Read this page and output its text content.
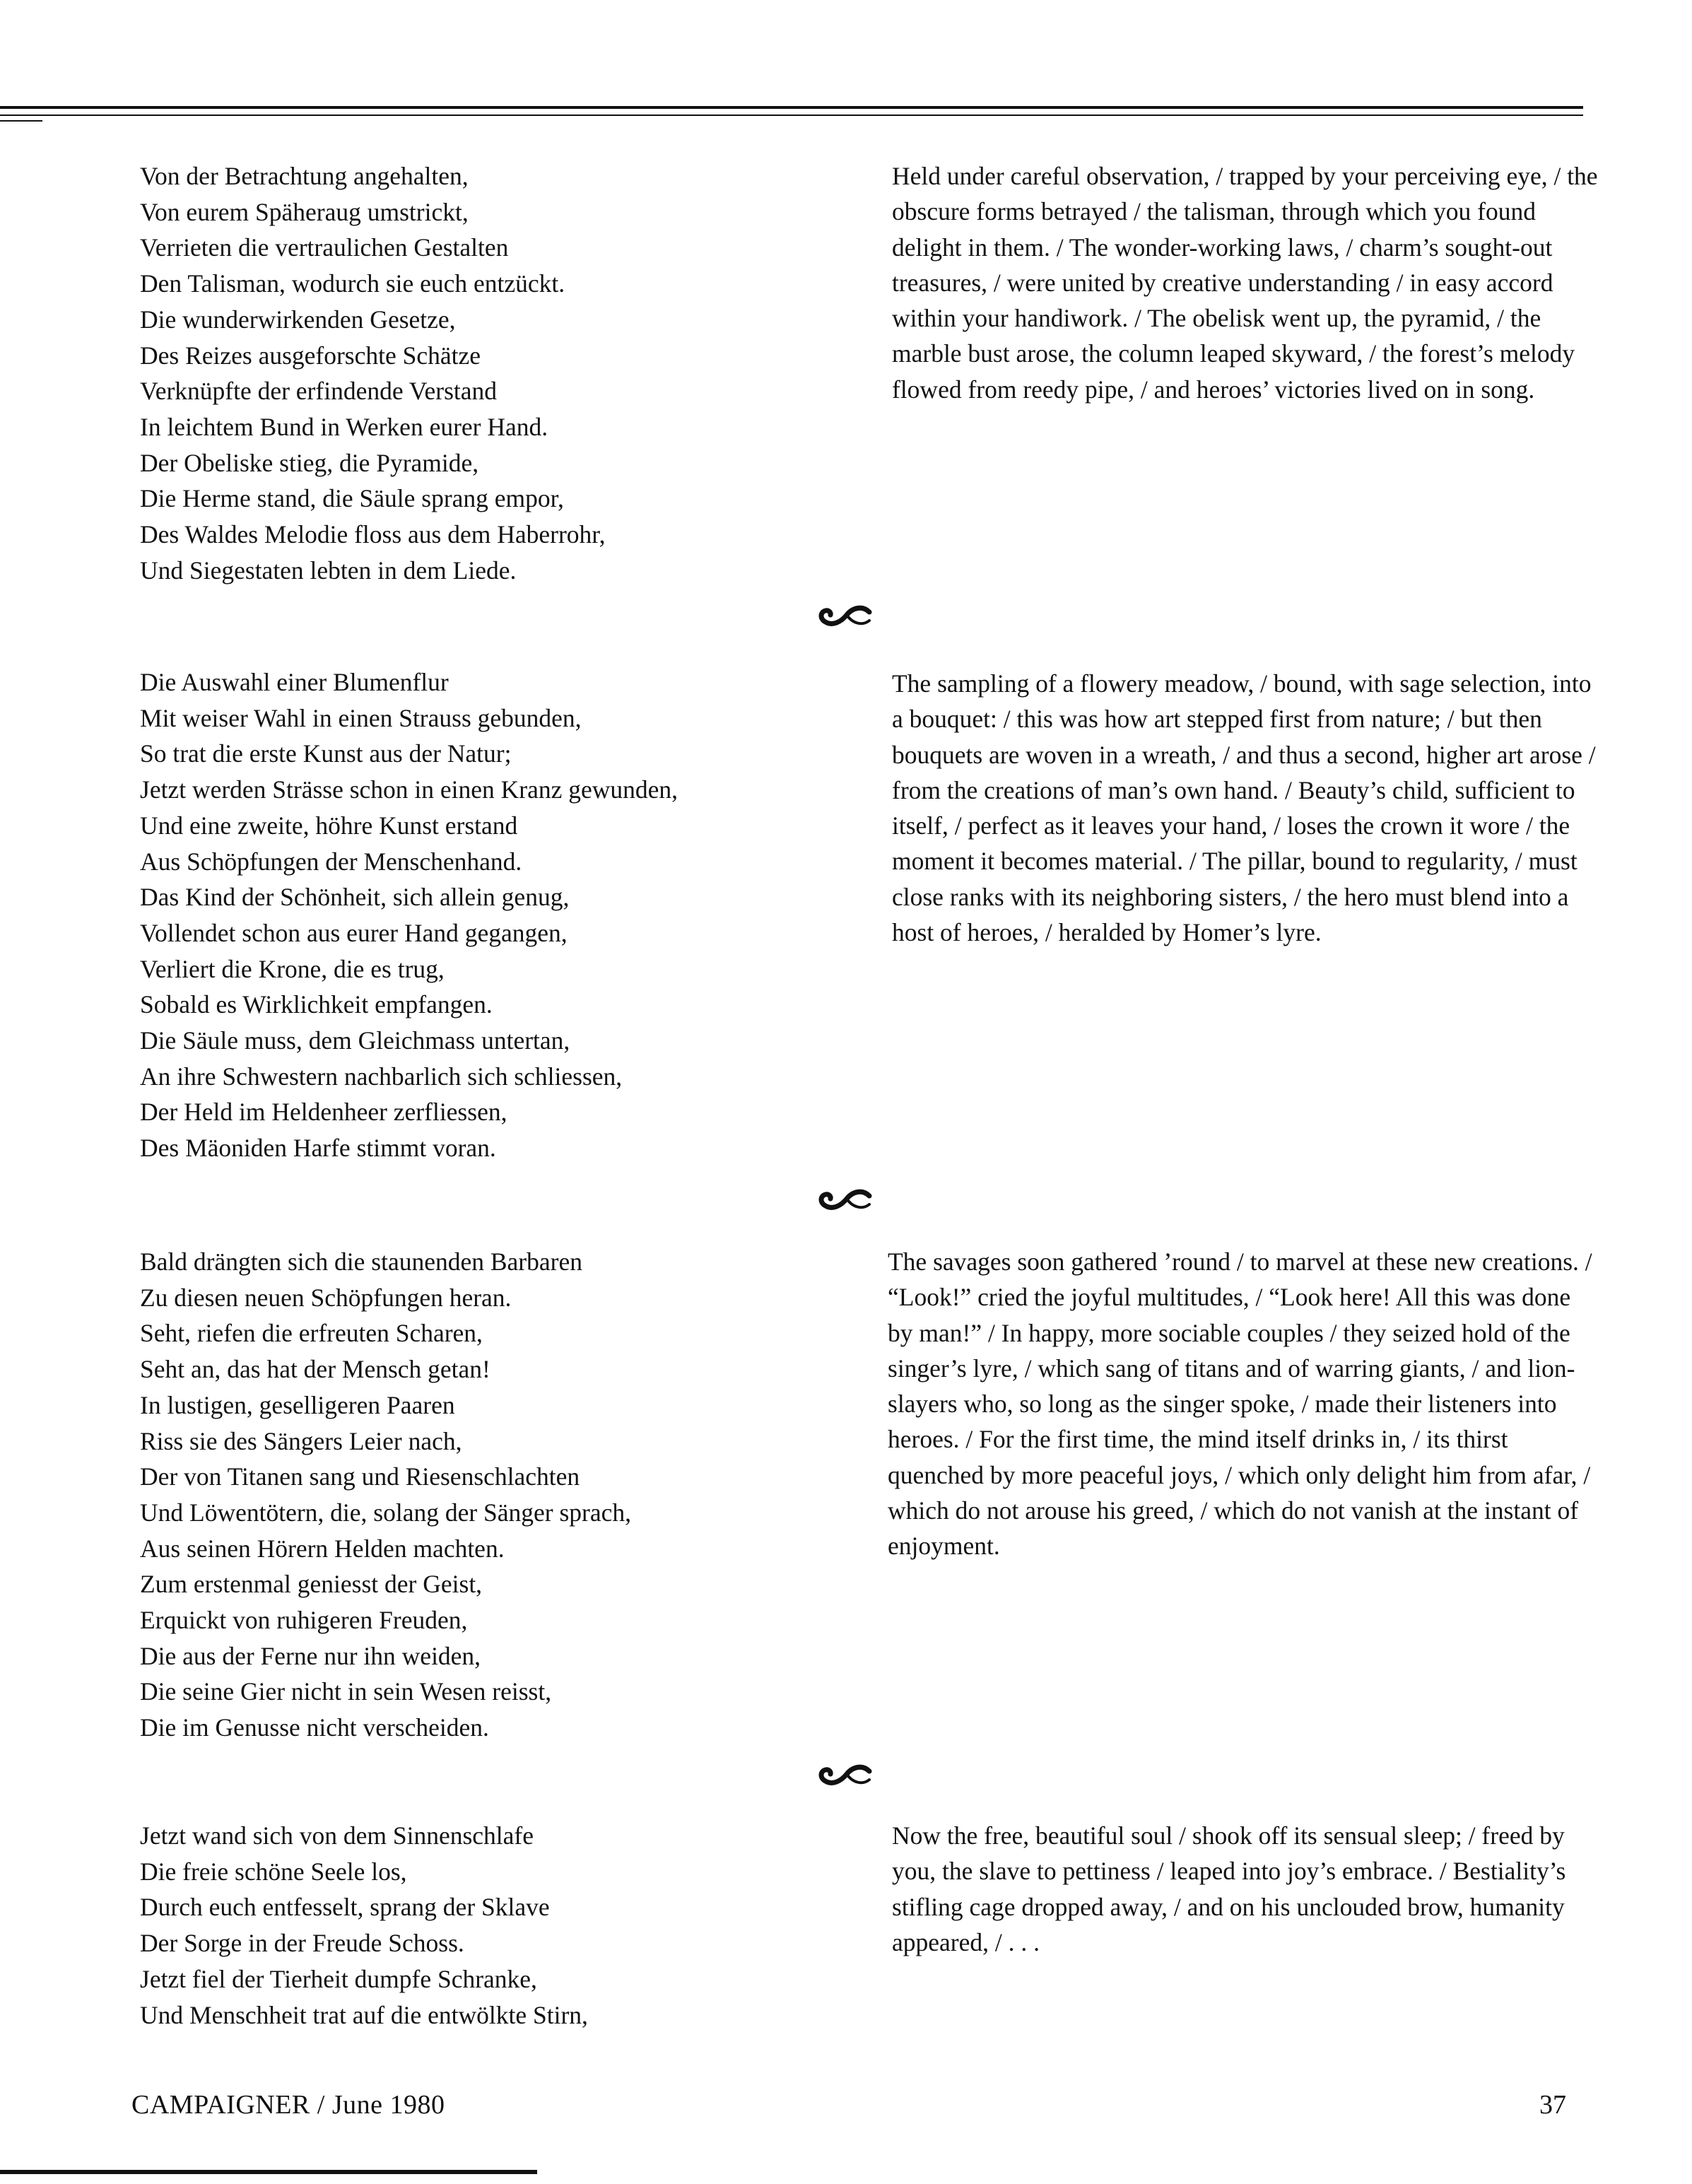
Von der Betrachtung angehalten,
Von eurem Späheraug umstrickt,
Verrieten die vertraulichen Gestalten
Den Talisman, wodurch sie euch entzückt.
Die wunderwirkenden Gesetze,
Des Reizes ausgeforschte Schätze
Verknüpfte der erfindende Verstand
In leichtem Bund in Werken eurer Hand.
Der Obeliske stieg, die Pyramide,
Die Herme stand, die Säule sprang empor,
Des Waldes Melodie floss aus dem Haberrohr,
Und Siegestaten lebten in dem Liede.

Held under careful observation, / trapped by your perceiving eye, / the obscure forms betrayed / the talisman, through which you found delight in them. / The wonder-working laws, / charm’s sought-out treasures, / were united by creative understanding / in easy accord within your handiwork. / The obelisk went up, the pyramid, / the marble bust arose, the column leaped skyward, / the forest’s melody flowed from reedy pipe, / and heroes’ victories lived on in song.

Die Auswahl einer Blumenflur
Mit weiser Wahl in einen Strauss gebunden,
So trat die erste Kunst aus der Natur;
Jetzt werden Strässe schon in einen Kranz gewunden,
Und eine zweite, höhre Kunst erstand
Aus Schöpfungen der Menschenhand.
Das Kind der Schönheit, sich allein genug,
Vollendet schon aus eurer Hand gegangen,
Verliert die Krone, die es trug,
Sobald es Wirklichkeit empfangen.
Die Säule muss, dem Gleichmass untertan,
An ihre Schwestern nachbarlich sich schliessen,
Der Held im Heldenheer zerfliessen,
Des Mäoniden Harfe stimmt voran.

The sampling of a flowery meadow, / bound, with sage selection, into a bouquet: / this was how art stepped first from nature; / but then bouquets are woven in a wreath, / and thus a second, higher art arose / from the creations of man’s own hand. / Beauty’s child, sufficient to itself, / perfect as it leaves your hand, / loses the crown it wore / the moment it becomes material. / The pillar, bound to regularity, / must close ranks with its neighboring sisters, / the hero must blend into a host of heroes, / heralded by Homer’s lyre.

Bald drängten sich die staunenden Barbaren
Zu diesen neuen Schöpfungen heran.
Seht, riefen die erfreuten Scharen,
Seht an, das hat der Mensch getan!
In lustigen, geselligeren Paaren
Riss sie des Sängers Leier nach,
Der von Titanen sang und Riesenschlachten
Und Löwentötern, die, solang der Sänger sprach,
Aus seinen Hörern Helden machten.
Zum erstenmal geniesst der Geist,
Erquickt von ruhigeren Freuden,
Die aus der Ferne nur ihn weiden,
Die seine Gier nicht in sein Wesen reisst,
Die im Genusse nicht verscheiden.

The savages soon gathered ’round / to marvel at these new creations. / “Look!” cried the joyful multitudes, / “Look here! All this was done by man!” / In happy, more sociable couples / they seized hold of the singer’s lyre, / which sang of titans and of warring giants, / and lion-slayers who, so long as the singer spoke, / made their listeners into heroes. / For the first time, the mind itself drinks in, / its thirst quenched by more peaceful joys, / which only delight him from afar, / which do not arouse his greed, / which do not vanish at the instant of enjoyment.

Jetzt wand sich von dem Sinnenschlafe
Die freie schöne Seele los,
Durch euch entfesselt, sprang der Sklave
Der Sorge in der Freude Schoss.
Jetzt fiel der Tierheit dumpfe Schranke,
Und Menschheit trat auf die entwölkte Stirn,

Now the free, beautiful soul / shook off its sensual sleep; / freed by you, the slave to pettiness / leaped into joy’s embrace. / Bestiality’s stifling cage dropped away, / and on his unclouded brow, humanity appeared, / . . .

CAMPAIGNER / June 1980	37
